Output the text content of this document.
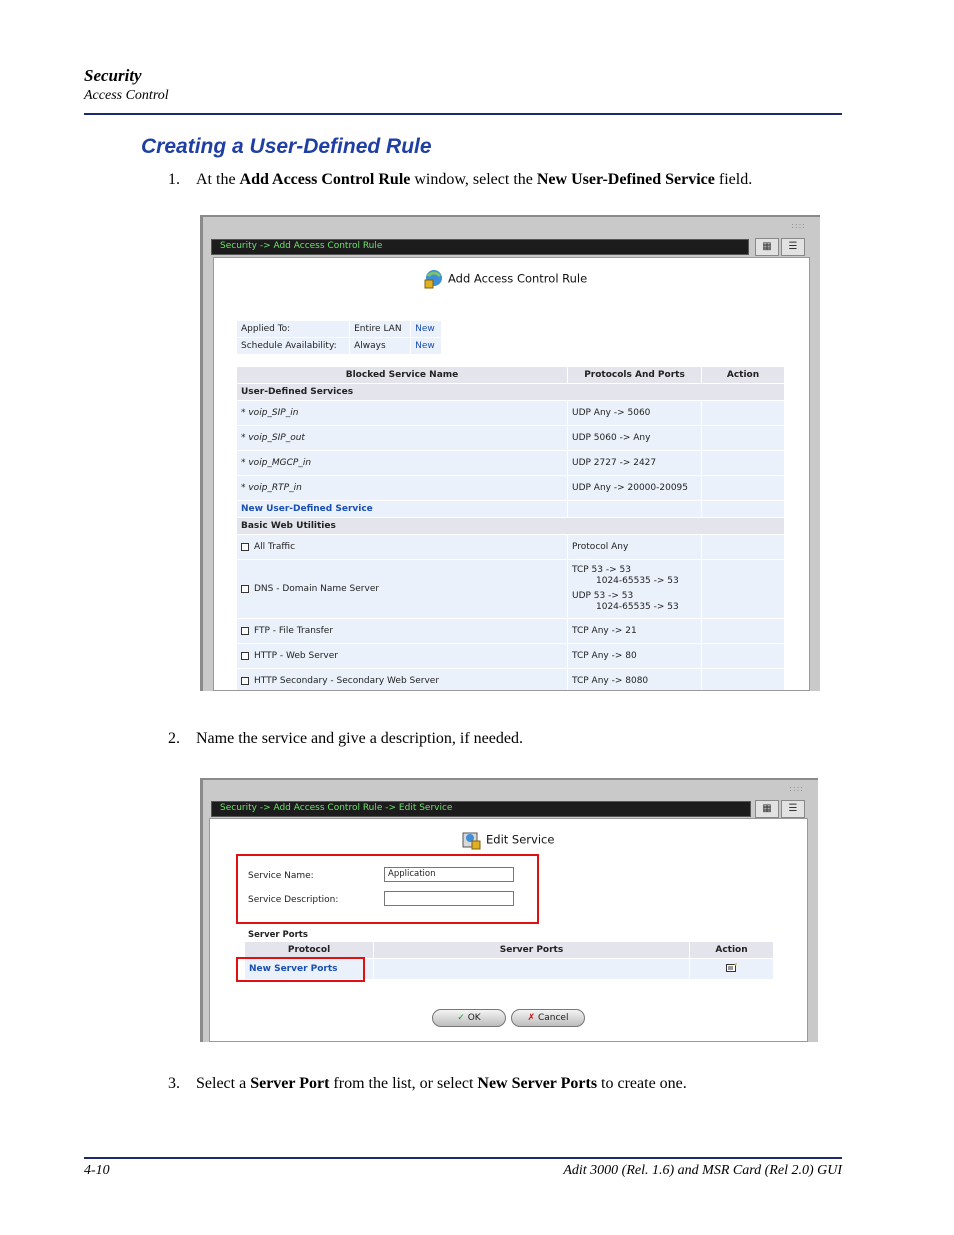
Security
Access Control
Creating a User-Defined Rule
1. At the Add Access Control Rule window, select the New User-Defined Service field.
::::
Security -> Add Access Control Rule	▦	☰
Add Access Control Rule
Applied To:	Entire LAN	New
Schedule Availability:	Always	New
Blocked Service Name	Protocols And Ports	Action
User-Defined Services		
* voip_SIP_in	UDP Any -> 5060	
* voip_SIP_out	UDP 5060 -> Any	
* voip_MGCP_in	UDP 2727 -> 2427	
* voip_RTP_in	UDP Any -> 20000-20095	
New User-Defined Service		
Basic Web Utilities		
All Traffic	Protocol Any	
DNS - Domain Name Server	TCP 53 -> 53
1024-65535 -> 53
UDP 53 -> 53
1024-65535 -> 53	

FTP - File Transfer	TCP Any -> 21	
HTTP - Web Server	TCP Any -> 80	
HTTP Secondary - Secondary Web Server	TCP Any -> 8080	
2. Name the service and give a description, if needed.
::::
Security -> Add Access Control Rule -> Edit Service	▦	☰
Edit Service
Service Name:	Application
Service Description:
Server Ports
Protocol	Server Ports	Action
New Server Ports		
✓ OK	✗ Cancel
3. Select a Server Port from the list, or select New Server Ports to create one.
4-10	Adit 3000 (Rel. 1.6) and MSR Card (Rel 2.0) GUI
